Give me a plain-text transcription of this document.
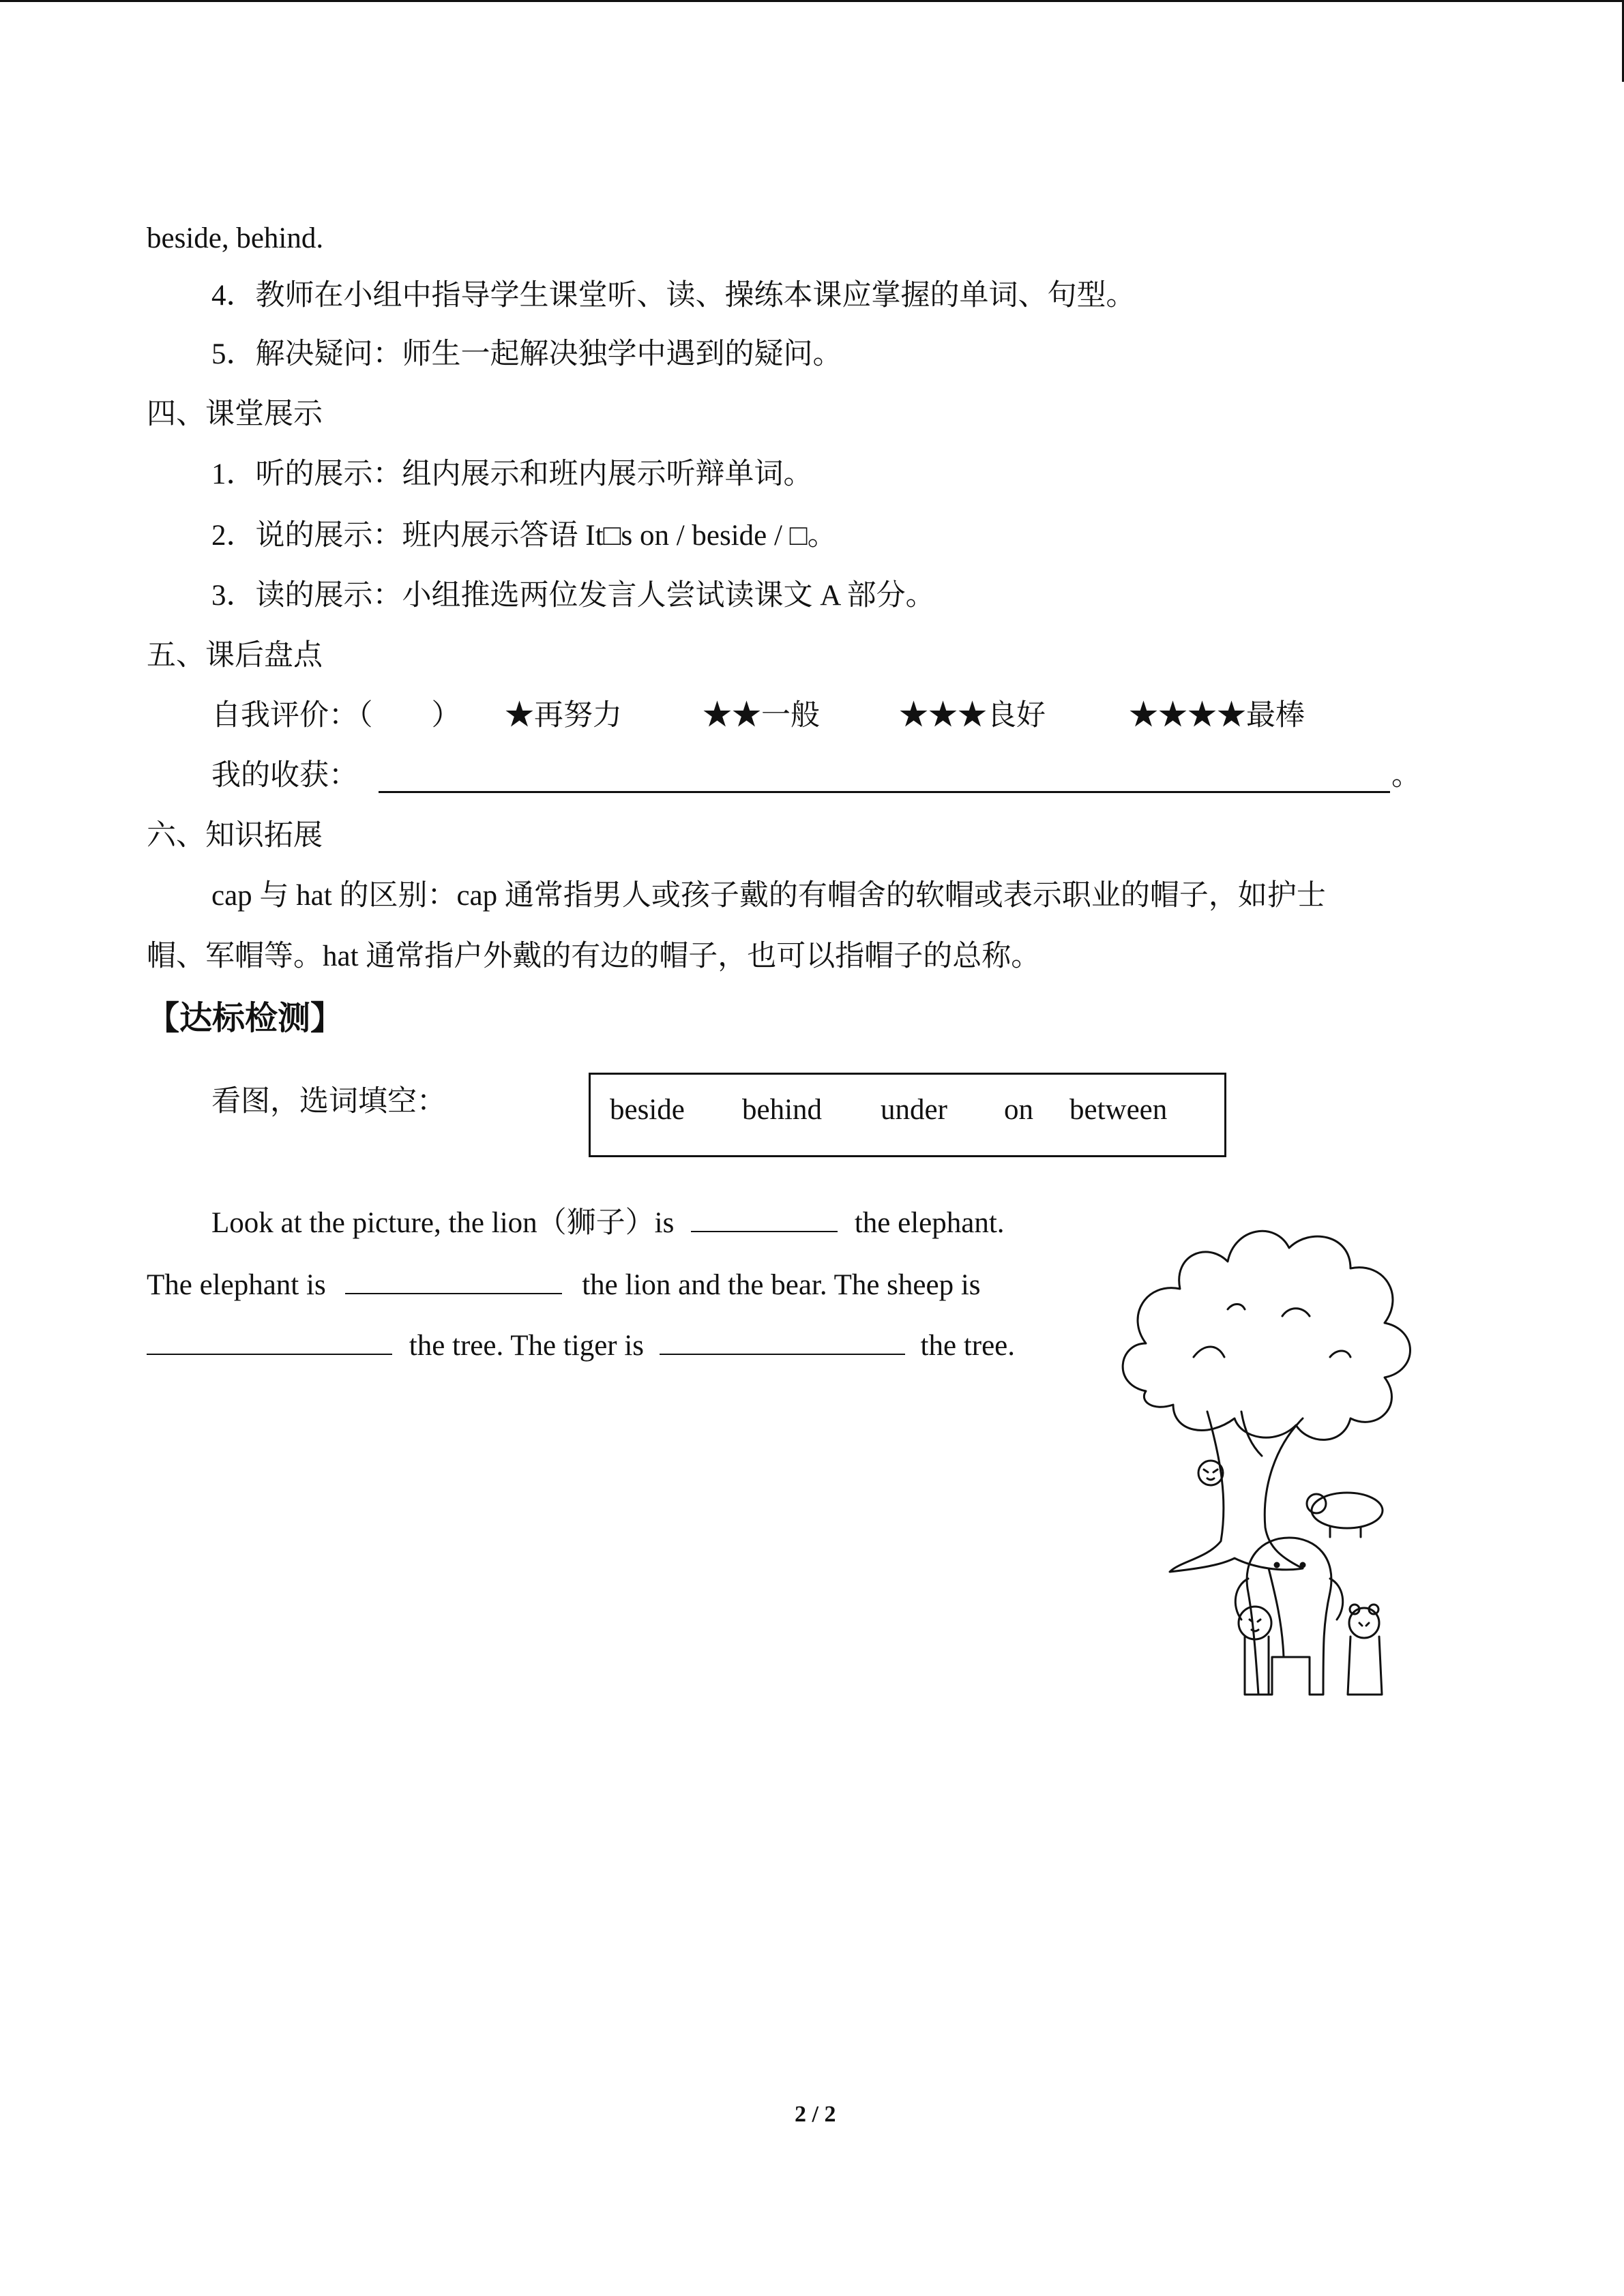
beside, behind.
4．教师在小组中指导学生课堂听、读、操练本课应掌握的单词、句型。
5．解决疑问：师生一起解决独学中遇到的疑问。
四、课堂展示
1．听的展示：组内展示和班内展示听辩单词。
2．说的展示：班内展示答语 It□s on / beside / □。
3．读的展示：小组推选两位发言人尝试读课文 A 部分。
五、课后盘点
自我评价：（　　） ★再努力	★★一般	★★★良好	★★★★最棒
我的收获：	。
六、知识拓展
cap 与 hat 的区别：cap 通常指男人或孩子戴的有帽舍的软帽或表示职业的帽子，如护士
帽、军帽等。hat 通常指户外戴的有边的帽子，也可以指帽子的总称。
【达标检测】
看图，选词填空：	beside behind under on between
Look at the picture, the lion（狮子）is	the elephant.
The elephant is	the lion and the bear. The sheep is
the tree. The tiger is	the tree.
2 / 2
